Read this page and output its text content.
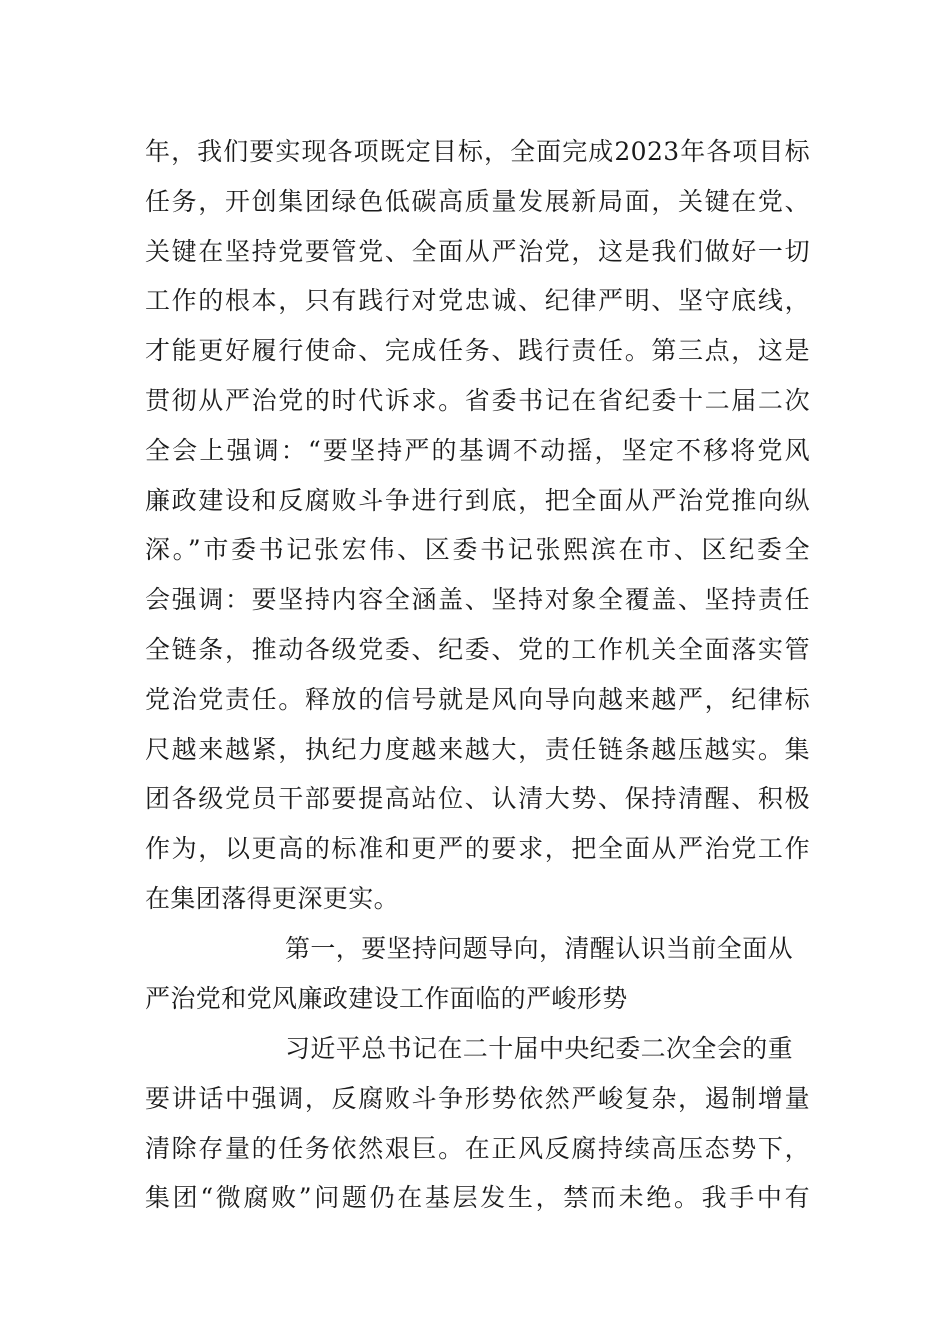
年，我们要实现各项既定目标，全面完成2023年各项目标
任务，开创集团绿色低碳高质量发展新局面，关键在党、
关键在坚持党要管党、全面从严治党，这是我们做好一切
工作的根本，只有践行对党忠诚、纪律严明、坚守底线，
才能更好履行使命、完成任务、践行责任。第三点，这是
贯彻从严治党的时代诉求。省委书记在省纪委十二届二次
全会上强调：“要坚持严的基调不动摇，坚定不移将党风
廉政建设和反腐败斗争进行到底，把全面从严治党推向纵
深。”市委书记张宏伟、区委书记张熙滨在市、区纪委全
会强调：要坚持内容全涵盖、坚持对象全覆盖、坚持责任
全链条，推动各级党委、纪委、党的工作机关全面落实管
党治党责任。释放的信号就是风向导向越来越严，纪律标
尺越来越紧，执纪力度越来越大，责任链条越压越实。集
团各级党员干部要提高站位、认清大势、保持清醒、积极
作为，以更高的标准和更严的要求，把全面从严治党工作
在集团落得更深更实。
第一，要坚持问题导向，清醒认识当前全面从
严治党和党风廉政建设工作面临的严峻形势
习近平总书记在二十届中央纪委二次全会的重
要讲话中强调，反腐败斗争形势依然严峻复杂，遏制增量
清除存量的任务依然艰巨。在正风反腐持续高压态势下，
集团“微腐败”问题仍在基层发生，禁而未绝。我手中有
